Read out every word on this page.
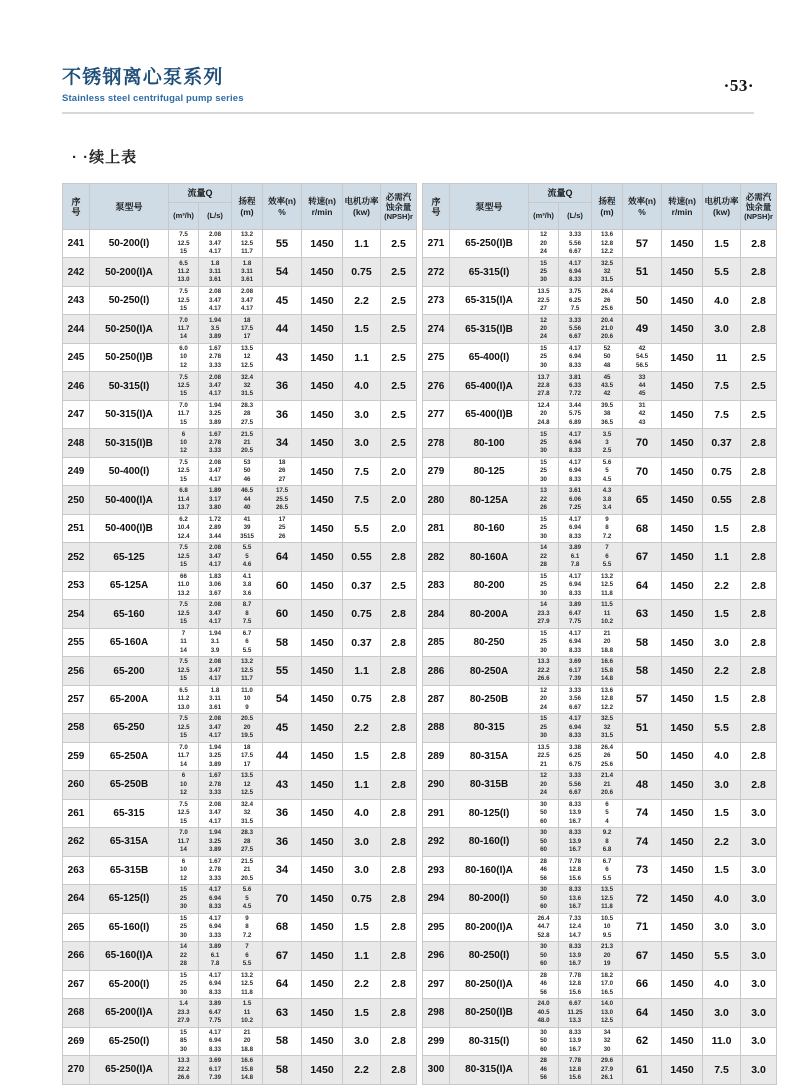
不锈钢离心泵系列
Stainless steel centrifugal pump series
·53·
· ·续上表
序
号	泵型号	流量Q		扬程
(m)	效率(n)
%	转速(n)
r/min	电机功率
(kw)	必需汽
蚀余量
(NPSH)r

		(m³/h)	(L/s)					
241	50-200(I)	7.5
12.5
15	2.08
3.47
4.17	13.2
12.5
11.7	55	1450	1.1	2.5
242	50-200(I)A	6.5
11.2
13.0	1.8
3.11
3.61	1.8
3.11
3.61	54	1450	0.75	2.5
243	50-250(I)	7.5
12.5
15	2.08
3.47
4.17	2.08
3.47
4.17	45	1450	2.2	2.5
244	50-250(I)A	7.0
11.7
14	1.94
3.5
3.89	18
17.5
17	44	1450	1.5	2.5
245	50-250(I)B	6.0
10
12	1.67
2.78
3.33	13.5
12
12.5	43	1450	1.1	2.5
246	50-315(I)	7.5
12.5
15	2.08
3.47
4.17	32.4
32
31.5	36	1450	4.0	2.5
247	50-315(I)A	7.0
11.7
15	1.94
3.25
3.89	28.3
28
27.5	36	1450	3.0	2.5
248	50-315(I)B	6
10
12	1.67
2.78
3.33	21.5
21
20.5	34	1450	3.0	2.5
249	50-400(I)	7.5
12.5
15	2.08
3.47
4.17	53
50
46	18
26
27	1450	7.5	2.0
250	50-400(I)A	6.8
11.4
13.7	1.89
3.17
3.80	46.5
44
40	17.5
25.5
26.5	1450	7.5	2.0
251	50-400(I)B	6.2
10.4
12.4	1.72
2.89
3.44	41
39
3515	17
25
26	1450	5.5	2.0
252	65-125	7.5
12.5
15	2.08
3.47
4.17	5.5
5
4.6	64	1450	0.55	2.8
253	65-125A	66
11.0
13.2	1.83
3.06
3.67	4.1
3.8
3.6	60	1450	0.37	2.5
254	65-160	7.5
12.5
15	2.08
3.47
4.17	8.7
8
7.5	60	1450	0.75	2.8
255	65-160A	7
11
14	1.94
3.1
3.9	6.7
6
5.5	58	1450	0.37	2.8
256	65-200	7.5
12.5
15	2.08
3.47
4.17	13.2
12.5
11.7	55	1450	1.1	2.8
257	65-200A	6.5
11.2
13.0	1.8
3.11
3.61	11.0
10
9	54	1450	0.75	2.8
258	65-250	7.5
12.5
15	2.08
3.47
4.17	20.5
20
19.5	45	1450	2.2	2.8
259	65-250A	7.0
11.7
14	1.94
3.25
3.89	18
17.5
17	44	1450	1.5	2.8
260	65-250B	6
10
12	1.67
2.78
3.33	13.5
12
12.5	43	1450	1.1	2.8
261	65-315	7.5
12.5
15	2.08
3.47
4.17	32.4
32
31.5	36	1450	4.0	2.8
262	65-315A	7.0
11.7
14	1.94
3.25
3.89	28.3
28
27.5	36	1450	3.0	2.8
263	65-315B	6
10
12	1.67
2.78
3.33	21.5
21
20.5	34	1450	3.0	2.8
264	65-125(I)	15
25
30	4.17
6.94
8.33	5.6
5
4.5	70	1450	0.75	2.8
265	65-160(I)	15
25
30	4.17
6.94
3.33	9
8
7.2	68	1450	1.5	2.8
266	65-160(I)A	14
22
28	3.89
6.1
7.8	7
6
5.5	67	1450	1.1	2.8
267	65-200(I)	15
25
30	4.17
6.94
8.33	13.2
12.5
11.8	64	1450	2.2	2.8
268	65-200(I)A	1.4
23.3
27.9	3.89
6.47
7.75	1.5
11
10.2	63	1450	1.5	2.8
269	65-250(I)	15
85
30	4.17
6.94
8.33	21
20
18.8	58	1450	3.0	2.8
270	65-250(I)A	13.3
22.2
26.6	3.69
6.17
7.39	16.6
15.8
14.8	58	1450	2.2	2.8
序
号	泵型号	流量Q		扬程
(m)	效率(n)
%	转速(n)
r/min	电机功率
(kw)	必需汽
蚀余量
(NPSH)r

		(m³/h)	(L/s)					
271	65-250(I)B	12
20
24	3.33
5.56
6.67	13.6
12.8
12.2	57	1450	1.5	2.8
272	65-315(I)	15
25
30	4.17
6.94
8.33	32.5
32
31.5	51	1450	5.5	2.8
273	65-315(I)A	13.5
22.5
27	3.75
6.25
7.5	26.4
26
25.6	50	1450	4.0	2.8
274	65-315(I)B	12
20
24	3.33
5.56
6.67	20.4
21.0
20.6	49	1450	3.0	2.8
275	65-400(I)	15
25
30	4.17
6.94
8.33	52
50
48	42
54.5
56.5	1450	11	2.5
276	65-400(I)A	13.7
22.8
27.8	3.81
6.33
7.72	45
43.5
42	33
44
45	1450	7.5	2.5
277	65-400(I)B	12.4
20
24.8	3.44
5.75
6.89	39.5
38
36.5	31
42
43	1450	7.5	2.5
278	80-100	15
25
30	4.17
6.94
8.33	3.5
3
2.5	70	1450	0.37	2.8
279	80-125	15
25
30	4.17
6.94
8.33	5.6
5
4.5	70	1450	0.75	2.8
280	80-125A	13
22
26	3.61
6.06
7.25	4.3
3.8
3.4	65	1450	0.55	2.8
281	80-160	15
25
30	4.17
6.94
8.33	9
8
7.2	68	1450	1.5	2.8
282	80-160A	14
22
28	3.89
6.1
7.8	7
6
5.5	67	1450	1.1	2.8
283	80-200	15
25
30	4.17
6.94
8.33	13.2
12.5
11.8	64	1450	2.2	2.8
284	80-200A	14
23.3
27.9	3.89
6.47
7.75	11.5
11
10.2	63	1450	1.5	2.8
285	80-250	15
25
30	4.17
6.94
8.33	21
20
18.8	58	1450	3.0	2.8
286	80-250A	13.3
22.2
26.6	3.69
6.17
7.39	16.6
15.8
14.8	58	1450	2.2	2.8
287	80-250B	12
20
24	3.33
3.56
6.67	13.6
12.8
12.2	57	1450	1.5	2.8
288	80-315	15
25
30	4.17
6.94
8.33	32.5
32
31.5	51	1450	5.5	2.8
289	80-315A	13.5
22.5
21	3.38
6.25
6.75	26.4
26
25.6	50	1450	4.0	2.8
290	80-315B	12
20
24	3.33
5.56
6.67	21.4
21
20.6	48	1450	3.0	2.8
291	80-125(I)	30
50
60	8.33
13.9
16.7	6
5
4	74	1450	1.5	3.0
292	80-160(I)	30
50
60	8.33
13.9
16.7	9.2
8
6.8	74	1450	2.2	3.0
293	80-160(I)A	28
46
56	7.78
12.8
15.6	6.7
6
5.5	73	1450	1.5	3.0
294	80-200(I)	30
50
60	8.33
13.6
16.7	13.5
12.5
11.8	72	1450	4.0	3.0
295	80-200(I)A	26.4
44.7
52.8	7.33
12.4
14.7	10.5
10
9.5	71	1450	3.0	3.0
296	80-250(I)	30
50
60	8.33
13.9
16.7	21.3
20
19	67	1450	5.5	3.0
297	80-250(I)A	28
46
56	7.78
12.8
15.6	18.2
17.0
16.5	66	1450	4.0	3.0
298	80-250(I)B	24.0
40.5
48.0	6.67
11.25
13.3	14.0
13.0
12.5	64	1450	3.0	3.0
299	80-315(I)	30
50
60	8.33
13.9
16.7	34
32
30	62	1450	11.0	3.0
300	80-315(I)A	28
46
56	7.78
12.8
15.6	29.6
27.9
26.1	61	1450	7.5	3.0
